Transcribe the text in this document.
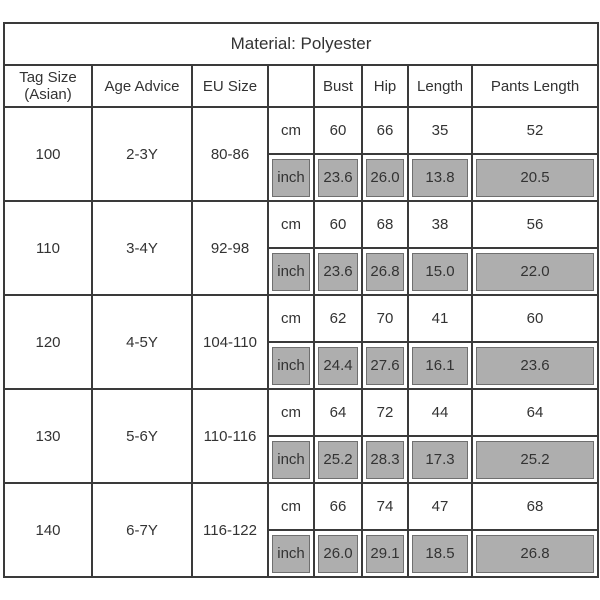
Material: Polyester							
Tag Size
(Asian)	Age Advice	EU Size		Bust	Hip	Length	Pants Length
100	2-3Y	80-86	cm	60	66	35	52

			inch	23.6	26.0	13.8	20.5

110	3-4Y	92-98	cm	60	68	38	56

			inch	23.6	26.8	15.0	22.0

120	4-5Y	104-110	cm	62	70	41	60

			inch	24.4	27.6	16.1	23.6

130	5-6Y	110-116	cm	64	72	44	64

			inch	25.2	28.3	17.3	25.2

140	6-7Y	116-122	cm	66	74	47	68

			inch	26.0	29.1	18.5	26.8
